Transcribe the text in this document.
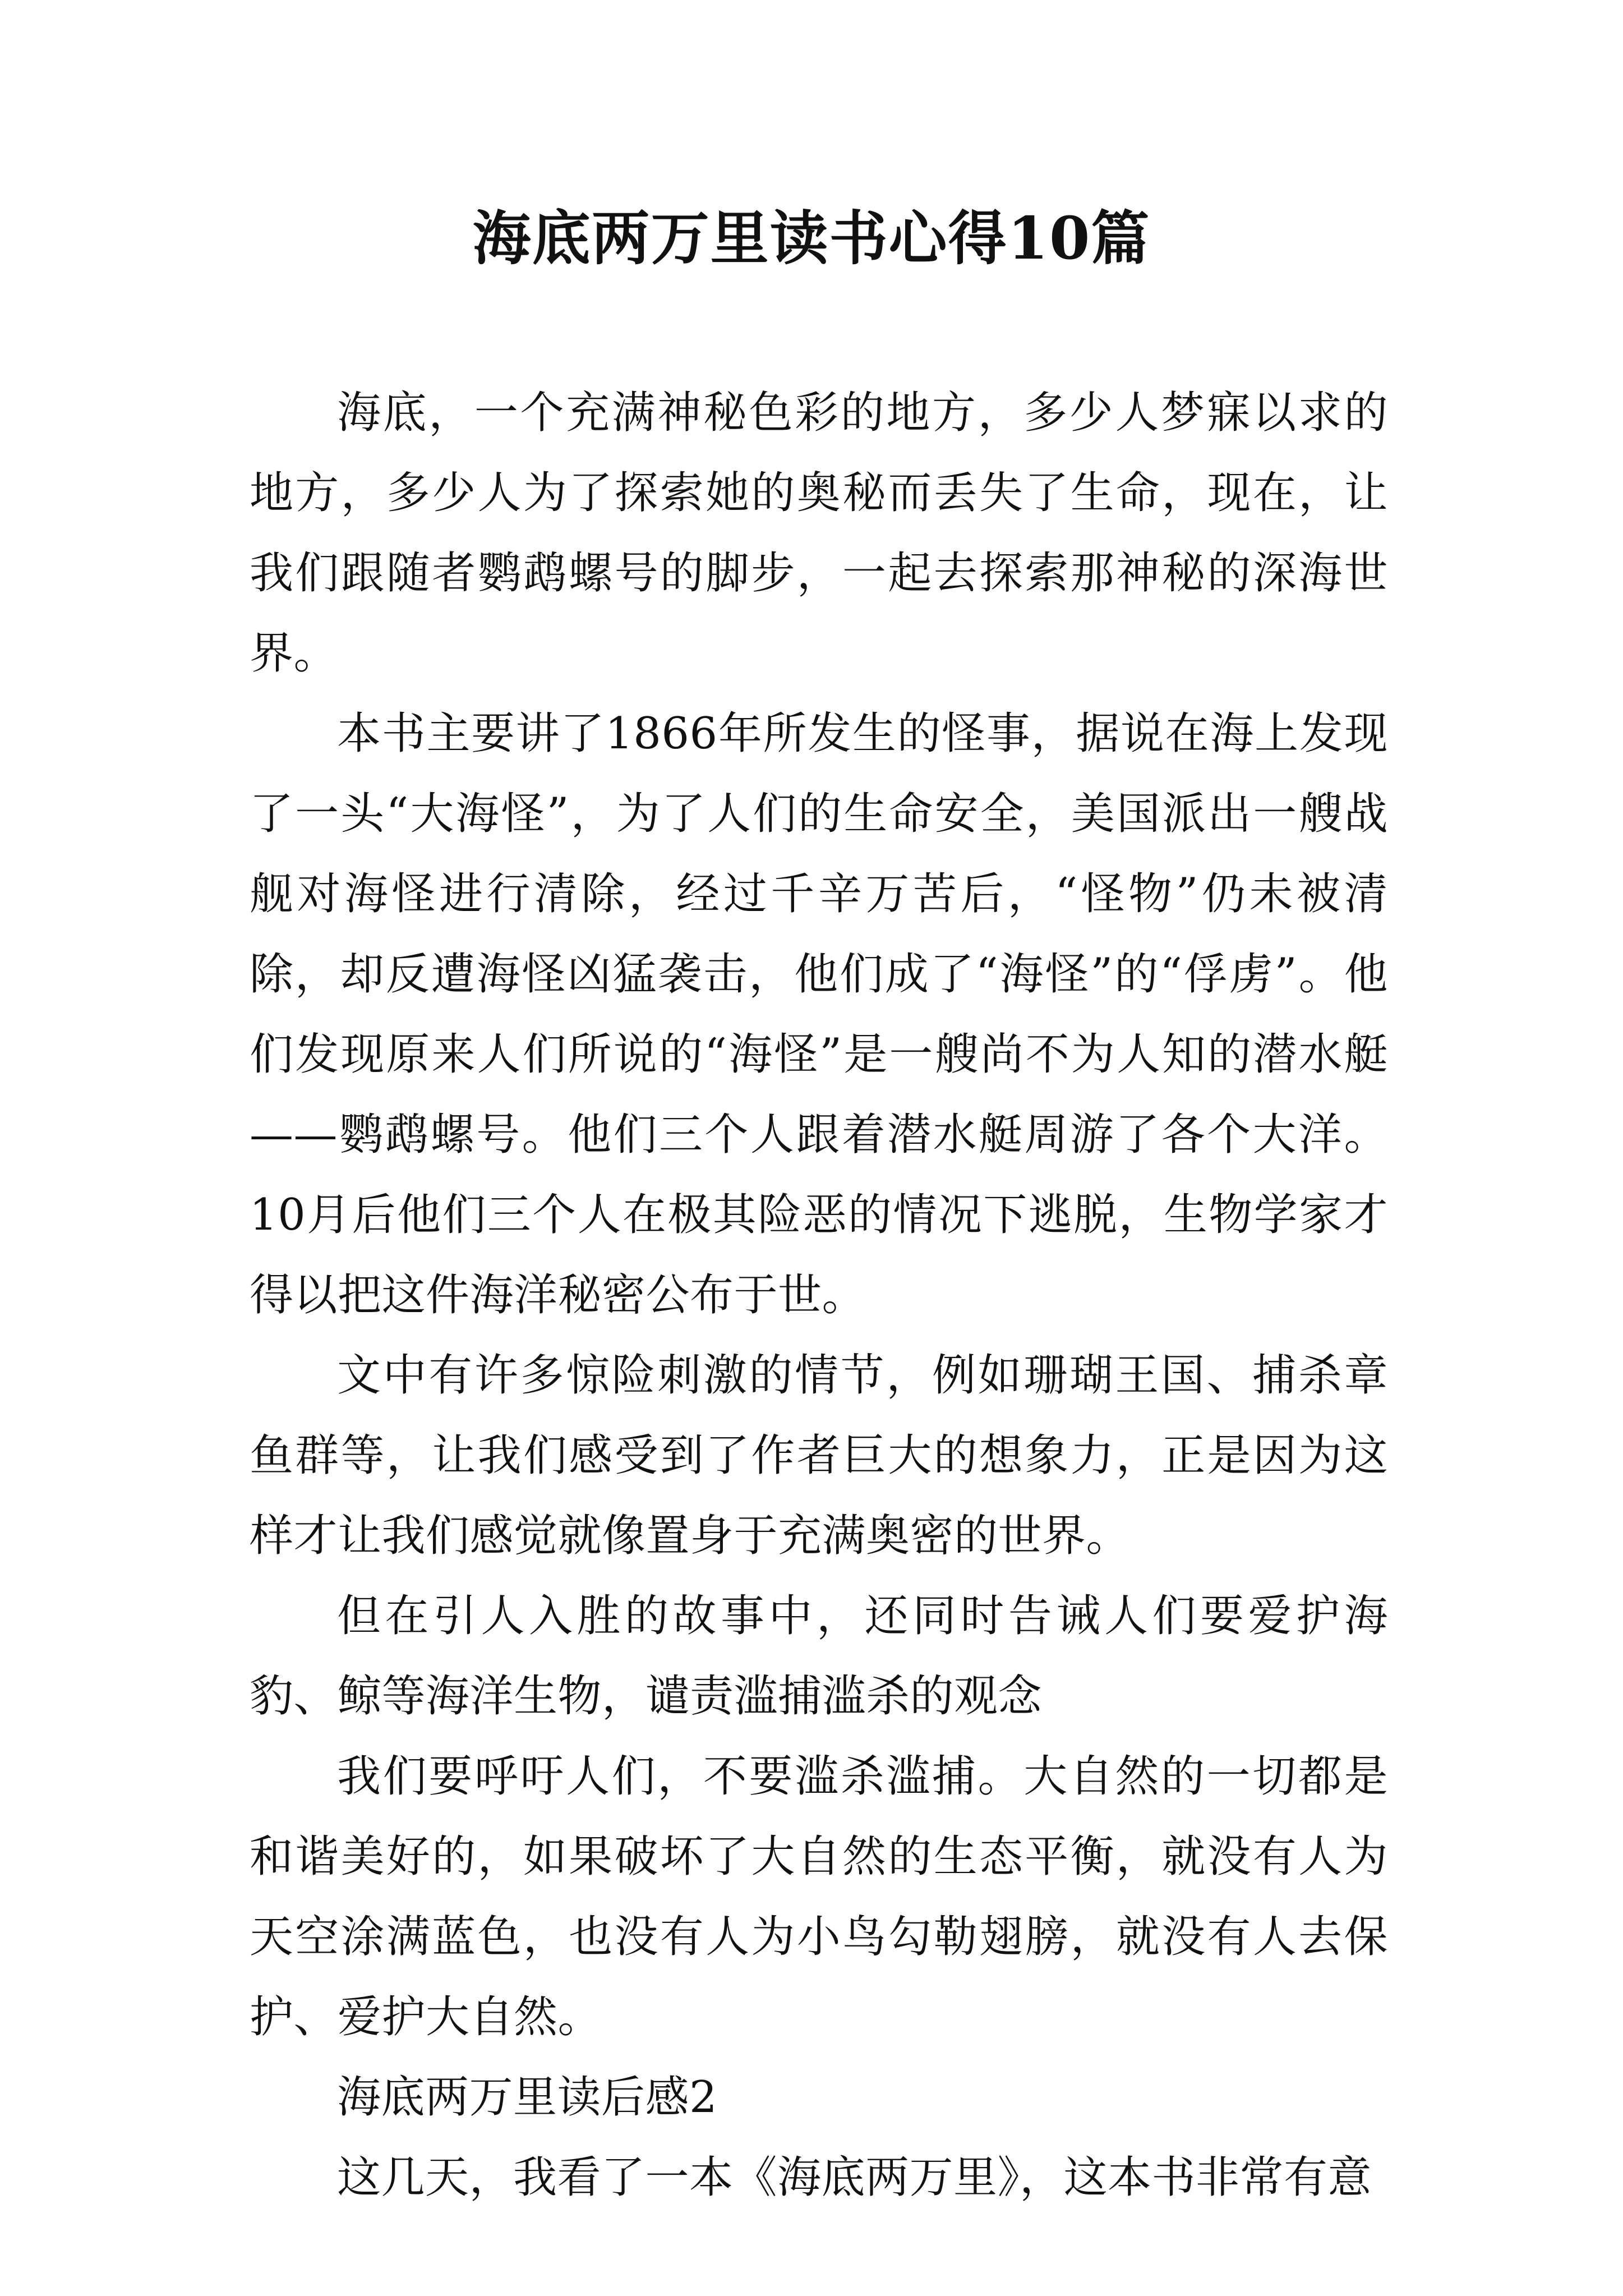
海底两万里读书心得10篇

海底，一个充满神秘色彩的地方，多少人梦寐以求的地方，多少人为了探索她的奥秘而丢失了生命，现在，让我们跟随者鹦鹉螺号的脚步，一起去探索那神秘的深海世界。

本书主要讲了1866年所发生的怪事，据说在海上发现了一头“大海怪”，为了人们的生命安全，美国派出一艘战舰对海怪进行清除，经过千辛万苦后，“怪物”仍未被清除，却反遭海怪凶猛袭击，他们成了“海怪”的“俘虏”。他们发现原来人们所说的“海怪”是一艘尚不为人知的潜水艇——鹦鹉螺号。他们三个人跟着潜水艇周游了各个大洋。10月后他们三个人在极其险恶的情况下逃脱，生物学家才得以把这件海洋秘密公布于世。

文中有许多惊险刺激的情节，例如珊瑚王国、捕杀章鱼群等，让我们感受到了作者巨大的想象力，正是因为这样才让我们感觉就像置身于充满奥密的世界。

但在引人入胜的故事中，还同时告诫人们要爱护海豹、鲸等海洋生物，谴责滥捕滥杀的观念

我们要呼吁人们，不要滥杀滥捕。大自然的一切都是和谐美好的，如果破坏了大自然的生态平衡，就没有人为天空涂满蓝色，也没有人为小鸟勾勒翅膀，就没有人去保护、爱护大自然。

海底两万里读后感2

这几天，我看了一本《海底两万里》，这本书非常有意
